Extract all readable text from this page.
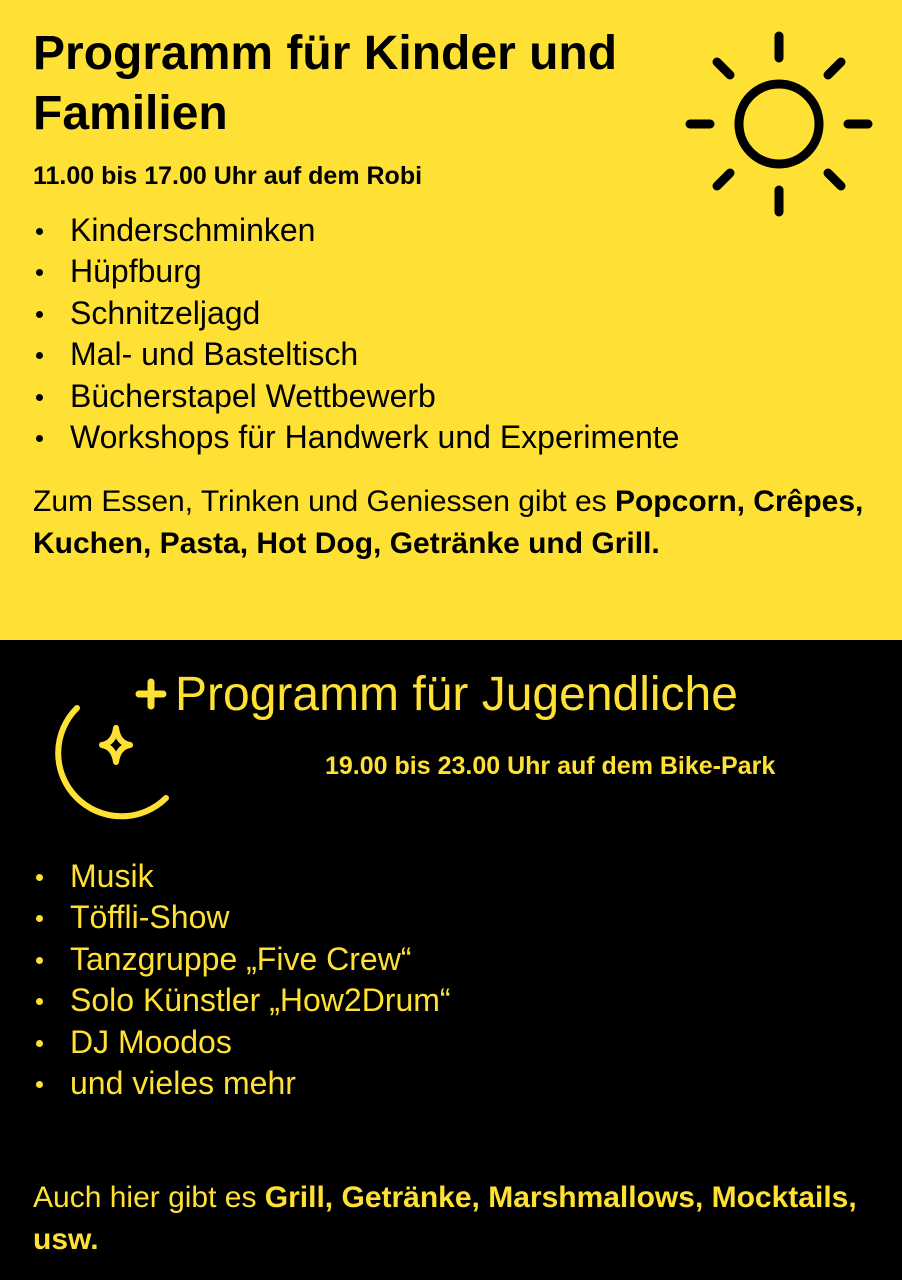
Programm für Kinder und Familien

11.00 bis 17.00 Uhr auf dem Robi

Kinderschminken
Hüpfburg
Schnitzeljagd
Mal- und Basteltisch
Bücherstapel Wettbewerb
Workshops für Handwerk und Experimente

Zum Essen, Trinken und Geniessen gibt es Popcorn, Crêpes, Kuchen, Pasta, Hot Dog, Getränke und Grill.

Programm für Jugendliche

19.00 bis 23.00 Uhr auf dem Bike-Park

Musik
Töffli-Show
Tanzgruppe „Five Crew“
Solo Künstler „How2Drum“
DJ Moodos
und vieles mehr

Auch hier gibt es Grill, Getränke, Marshmallows, Mocktails, usw.
